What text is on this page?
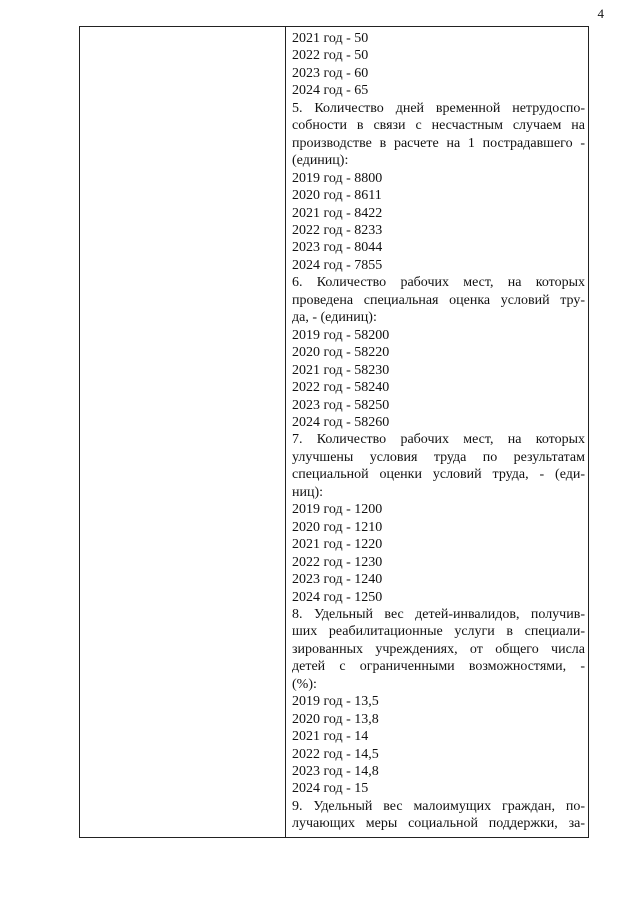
4
2021 год - 50
2022 год - 50
2023 год - 60
2024 год - 65
5. Количество дней временной нетрудоспо-
собности в связи с несчастным случаем на
производстве в расчете на 1 пострадавшего -
(единиц):
2019 год - 8800
2020 год - 8611
2021 год - 8422
2022 год - 8233
2023 год - 8044
2024 год - 7855
6. Количество рабочих мест, на которых
проведена специальная оценка условий тру-
да, - (единиц):
2019 год - 58200
2020 год - 58220
2021 год - 58230
2022 год - 58240
2023 год - 58250
2024 год - 58260
7. Количество рабочих мест, на которых
улучшены условия труда по результатам
специальной оценки условий труда, - (еди-
ниц):
2019 год - 1200
2020 год - 1210
2021 год - 1220
2022 год - 1230
2023 год - 1240
2024 год - 1250
8. Удельный вес детей-инвалидов, получив-
ших реабилитационные услуги в специали-
зированных учреждениях, от общего числа
детей с ограниченными возможностями, -
(%):
2019 год - 13,5
2020 год - 13,8
2021 год - 14
2022 год - 14,5
2023 год - 14,8
2024 год - 15
9. Удельный вес малоимущих граждан, по-
лучающих меры социальной поддержки, за-
